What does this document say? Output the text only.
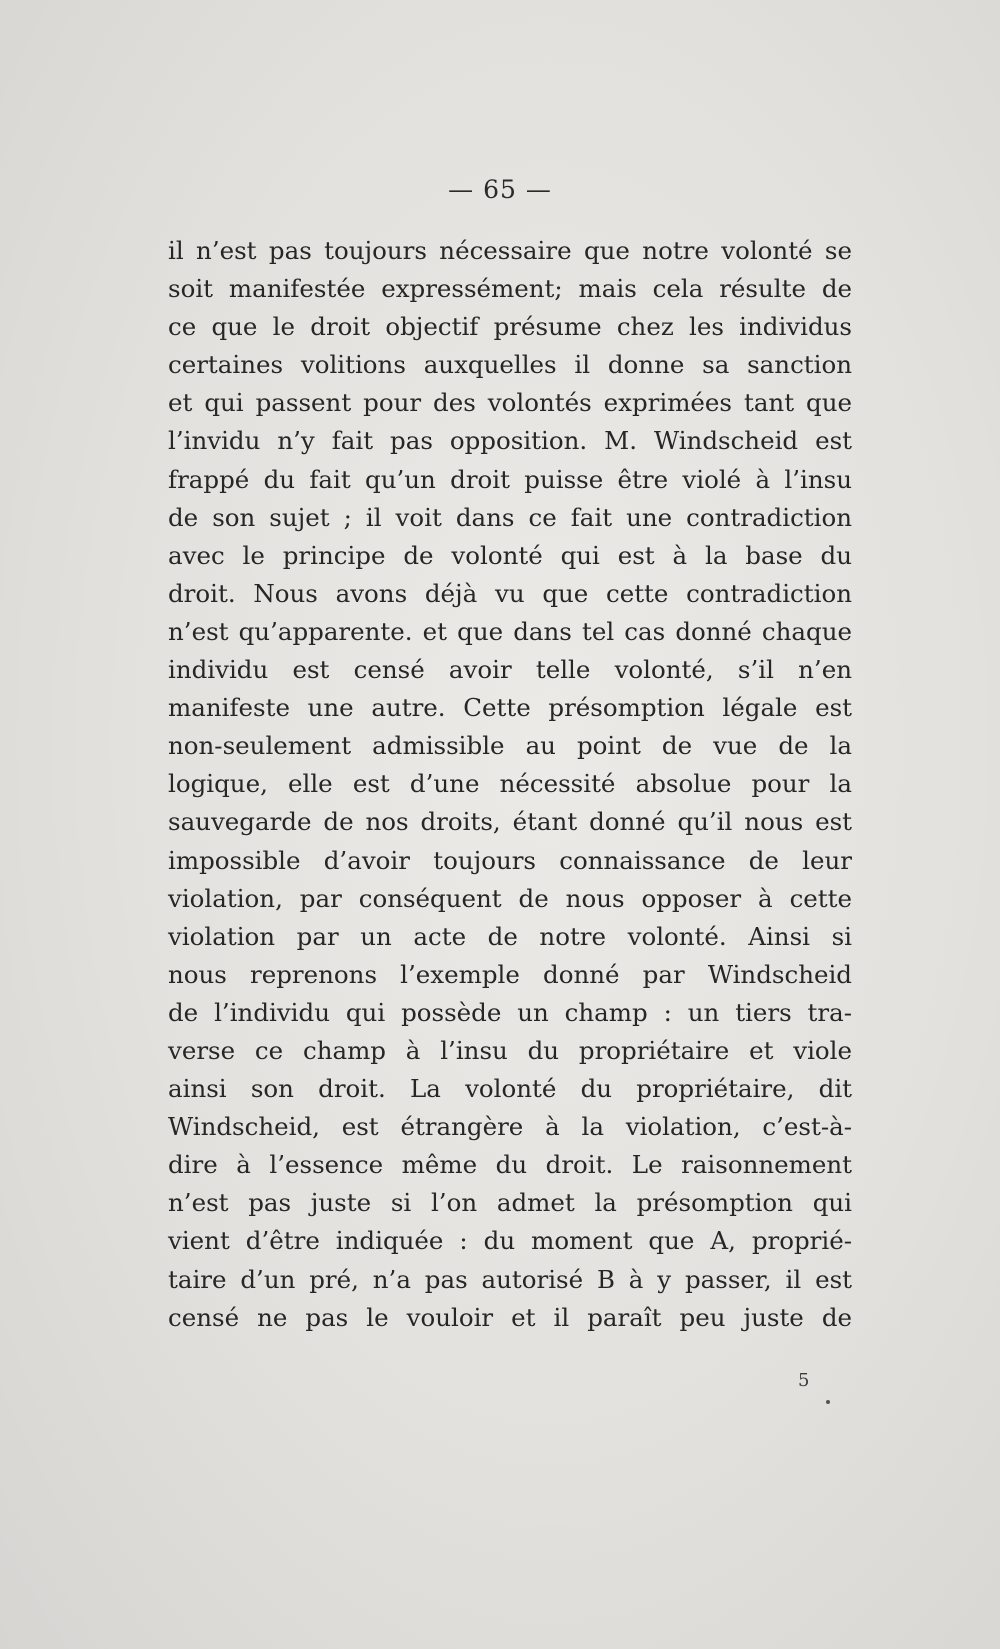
— 65 —
il n’est pas toujours nécessaire que notre volonté se
soit manifestée expressément; mais cela résulte de
ce que le droit objectif présume chez les individus
certaines volitions auxquelles il donne sa sanction
et qui passent pour des volontés exprimées tant que
l’invidu n’y fait pas opposition. M. Windscheid est
frappé du fait qu’un droit puisse être violé à l’insu
de son sujet ; il voit dans ce fait une contradiction
avec le principe de volonté qui est à la base du
droit. Nous avons déjà vu que cette contradiction
n’est qu’apparente. et que dans tel cas donné chaque
individu est censé avoir telle volonté, s’il n’en
manifeste une autre. Cette présomption légale est
non-seulement admissible au point de vue de la
logique, elle est d’une nécessité absolue pour la
sauvegarde de nos droits, étant donné qu’il nous est
impossible d’avoir toujours connaissance de leur
violation, par conséquent de nous opposer à cette
violation par un acte de notre volonté. Ainsi si
nous reprenons l’exemple donné par Windscheid
de l’individu qui possède un champ : un tiers tra-
verse ce champ à l’insu du propriétaire et viole
ainsi son droit. La volonté du propriétaire, dit
Windscheid, est étrangère à la violation, c’est-à-
dire à l’essence même du droit. Le raisonnement
n’est pas juste si l’on admet la présomption qui
vient d’être indiquée : du moment que A, proprié-
taire d’un pré, n’a pas autorisé B à y passer, il est
censé ne pas le vouloir et il paraît peu juste de
5
